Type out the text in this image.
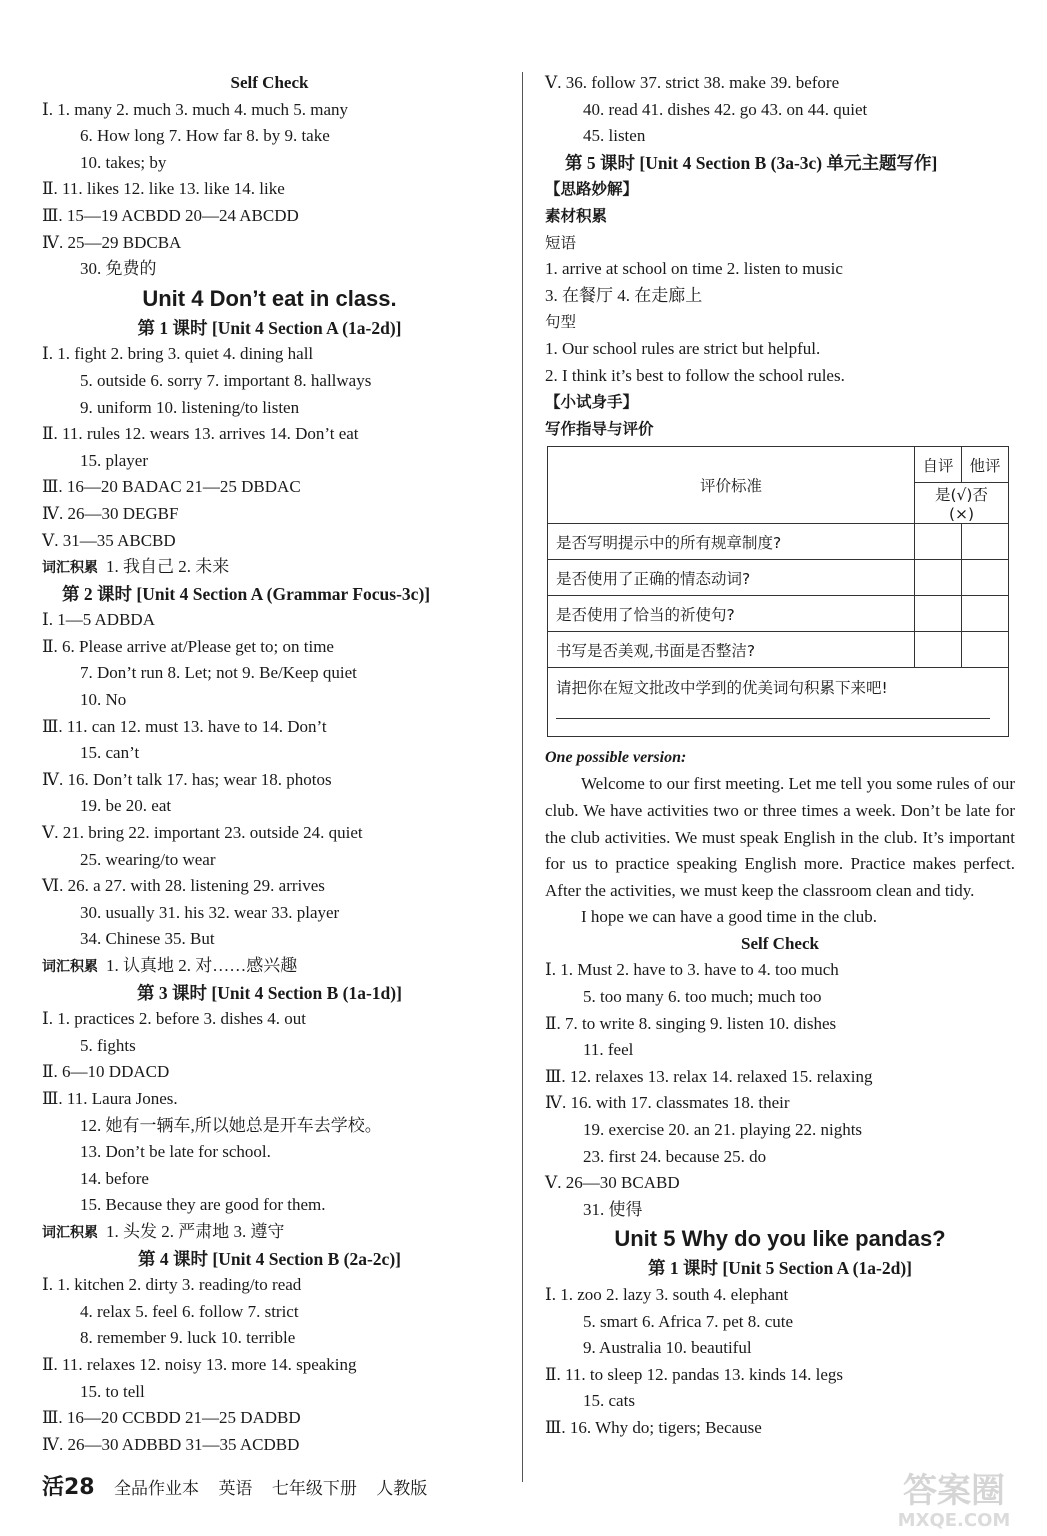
Self Check
Ⅰ. 1. many 2. much 3. much 4. much 5. many
6. How long 7. How far 8. by 9. take
10. takes; by
Ⅱ. 11. likes 12. like 13. like 14. like
Ⅲ. 15—19 ACBDD 20—24 ABCDD
Ⅳ. 25—29 BDCBA
30. 免费的
Unit 4 Don’t eat in class.
第 1 课时 [Unit 4 Section A (1a-2d)]
Ⅰ. 1. fight 2. bring 3. quiet 4. dining hall
5. outside 6. sorry 7. important 8. hallways
9. uniform 10. listening/to listen
Ⅱ. 11. rules 12. wears 13. arrives 14. Don’t eat
15. player
Ⅲ. 16—20 BADAC 21—25 DBDAC
Ⅳ. 26—30 DEGBF
Ⅴ. 31—35 ABCBD
词汇积累 1. 我自己 2. 未来
第 2 课时 [Unit 4 Section A (Grammar Focus-3c)]
Ⅰ. 1—5 ADBDA
Ⅱ. 6. Please arrive at/Please get to; on time
7. Don’t run 8. Let; not 9. Be/Keep quiet
10. No
Ⅲ. 11. can 12. must 13. have to 14. Don’t
15. can’t
Ⅳ. 16. Don’t talk 17. has; wear 18. photos
19. be 20. eat
Ⅴ. 21. bring 22. important 23. outside 24. quiet
25. wearing/to wear
Ⅵ. 26. a 27. with 28. listening 29. arrives
30. usually 31. his 32. wear 33. player
34. Chinese 35. But
词汇积累 1. 认真地 2. 对……感兴趣
第 3 课时 [Unit 4 Section B (1a-1d)]
Ⅰ. 1. practices 2. before 3. dishes 4. out
5. fights
Ⅱ. 6—10 DDACD
Ⅲ. 11. Laura Jones.
12. 她有一辆车,所以她总是开车去学校。
13. Don’t be late for school.
14. before
15. Because they are good for them.
词汇积累 1. 头发 2. 严肃地 3. 遵守
第 4 课时 [Unit 4 Section B (2a-2c)]
Ⅰ. 1. kitchen 2. dirty 3. reading/to read
4. relax 5. feel 6. follow 7. strict
8. remember 9. luck 10. terrible
Ⅱ. 11. relaxes 12. noisy 13. more 14. speaking
15. to tell
Ⅲ. 16—20 CCBDD 21—25 DADBD
Ⅳ. 26—30 ADBBD 31—35 ACDBD
Ⅴ. 36. follow 37. strict 38. make 39. before
40. read 41. dishes 42. go 43. on 44. quiet
45. listen
第 5 课时 [Unit 4 Section B (3a-3c) 单元主题写作]
【思路妙解】
素材积累
短语
1. arrive at school on time 2. listen to music
3. 在餐厅 4. 在走廊上
句型
1. Our school rules are strict but helpful.
2. I think it’s best to follow the school rules.
【小试身手】
写作指导与评价
评价标准	自评	他评
	是(√)否(×)	
是否写明提示中的所有规章制度?		
是否使用了正确的情态动词?		
是否使用了恰当的祈使句?		
书写是否美观,书面是否整洁?		

请把你在短文批改中学到的优美词句积累下来吧!		
One possible version:

Welcome to our first meeting. Let me tell you some rules of our club. We have activities two or three times a week. Don’t be late for the club activities. We must speak English in the club. It’s important for us to practice speaking English more. Practice makes perfect. After the activities, we must keep the classroom clean and tidy.

I hope we can have a good time in the club.

Self Check
Ⅰ. 1. Must 2. have to 3. have to 4. too much
5. too many 6. too much; much too
Ⅱ. 7. to write 8. singing 9. listen 10. dishes
11. feel
Ⅲ. 12. relaxes 13. relax 14. relaxed 15. relaxing
Ⅳ. 16. with 17. classmates 18. their
19. exercise 20. an 21. playing 22. nights
23. first 24. because 25. do
Ⅴ. 26—30 BCABD
31. 使得
Unit 5 Why do you like pandas?
第 1 课时 [Unit 5 Section A (1a-2d)]
Ⅰ. 1. zoo 2. lazy 3. south 4. elephant
5. smart 6. Africa 7. pet 8. cute
9. Australia 10. beautiful
Ⅱ. 11. to sleep 12. pandas 13. kinds 14. legs
15. cats
Ⅲ. 16. Why do; tigers; Because
活28 全品作业本 英语 七年级下册 人教版	答案圈
MXQE.COM
